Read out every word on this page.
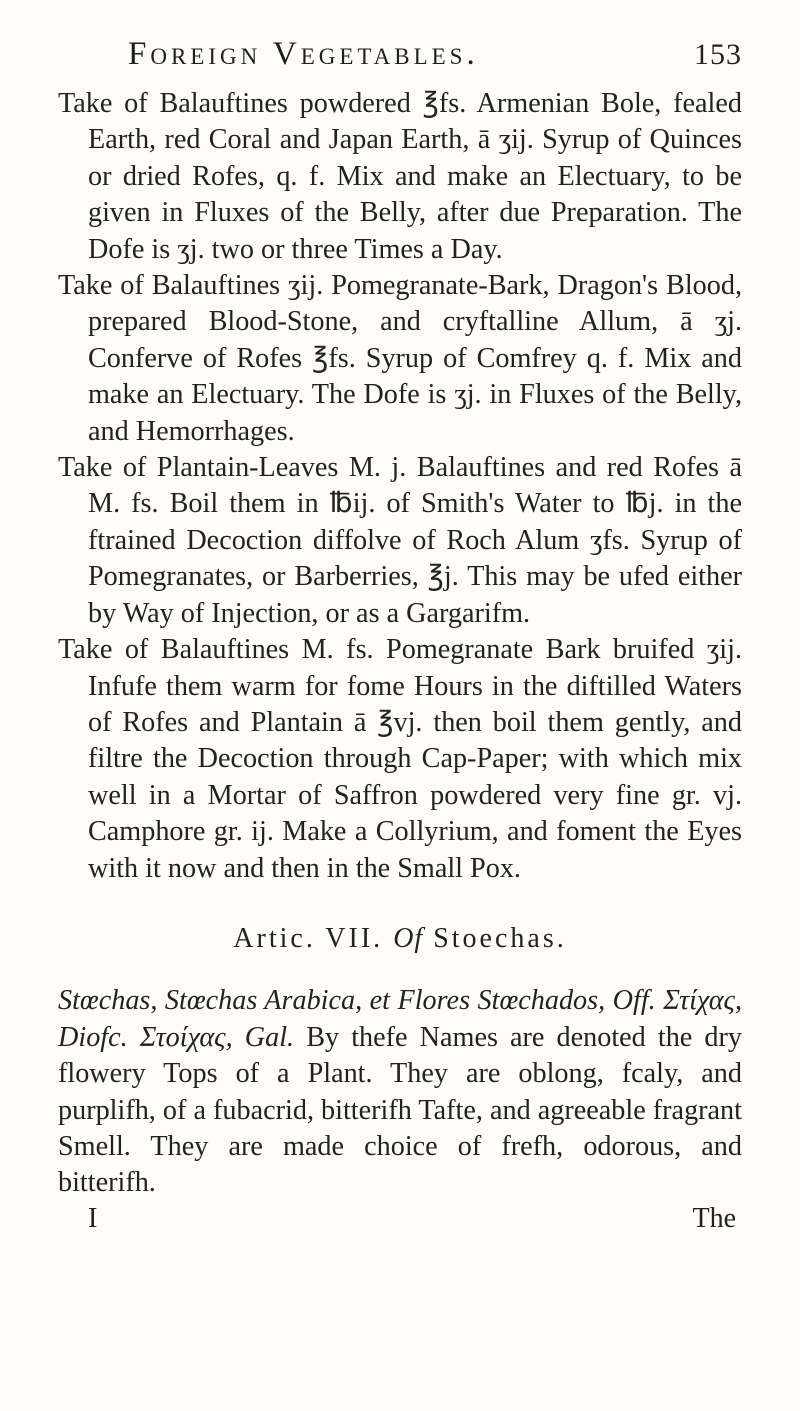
Foreign Vegetables.	153

Take of Balauftines powdered ℥fs. Armenian Bole, fealed Earth, red Coral and Japan Earth, ā ʒij. Syrup of Quinces or dried Rofes, q. f. Mix and make an Electuary, to be given in Fluxes of the Belly, after due Preparation. The Dofe is ʒj. two or three Times a Day.

Take of Balauftines ʒij. Pomegranate-Bark, Dragon's Blood, prepared Blood-Stone, and cryftalline Allum, ā ʒj. Conferve of Rofes ℥fs. Syrup of Comfrey q. f. Mix and make an Electuary. The Dofe is ʒj. in Fluxes of the Belly, and Hemorrhages.

Take of Plantain-Leaves M. j. Balauftines and red Rofes ā M. fs. Boil them in ℔ij. of Smith's Water to ℔j. in the ftrained Decoction diffolve of Roch Alum ʒfs. Syrup of Pomegranates, or Barberries, ℥j. This may be ufed either by Way of Injection, or as a Gargarifm.

Take of Balauftines M. fs. Pomegranate Bark bruifed ʒij. Infufe them warm for fome Hours in the diftilled Waters of Rofes and Plantain ā ℥vj. then boil them gently, and filtre the Decoction through Cap-Paper; with which mix well in a Mortar of Saffron powdered very fine gr. vj. Camphore gr. ij. Make a Collyrium, and foment the Eyes with it now and then in the Small Pox.

Artic. VII. Of Stoechas.

Stœchas, Stœchas Arabica, et Flores Stœchados, Off. Στίχας, Diofc. Στοίχας, Gal. By thefe Names are denoted the dry flowery Tops of a Plant. They are oblong, fcaly, and purplifh, of a fubacrid, bitterifh Tafte, and agreeable fragrant Smell. They are made choice of frefh, odorous, and bitterifh.

I	The
